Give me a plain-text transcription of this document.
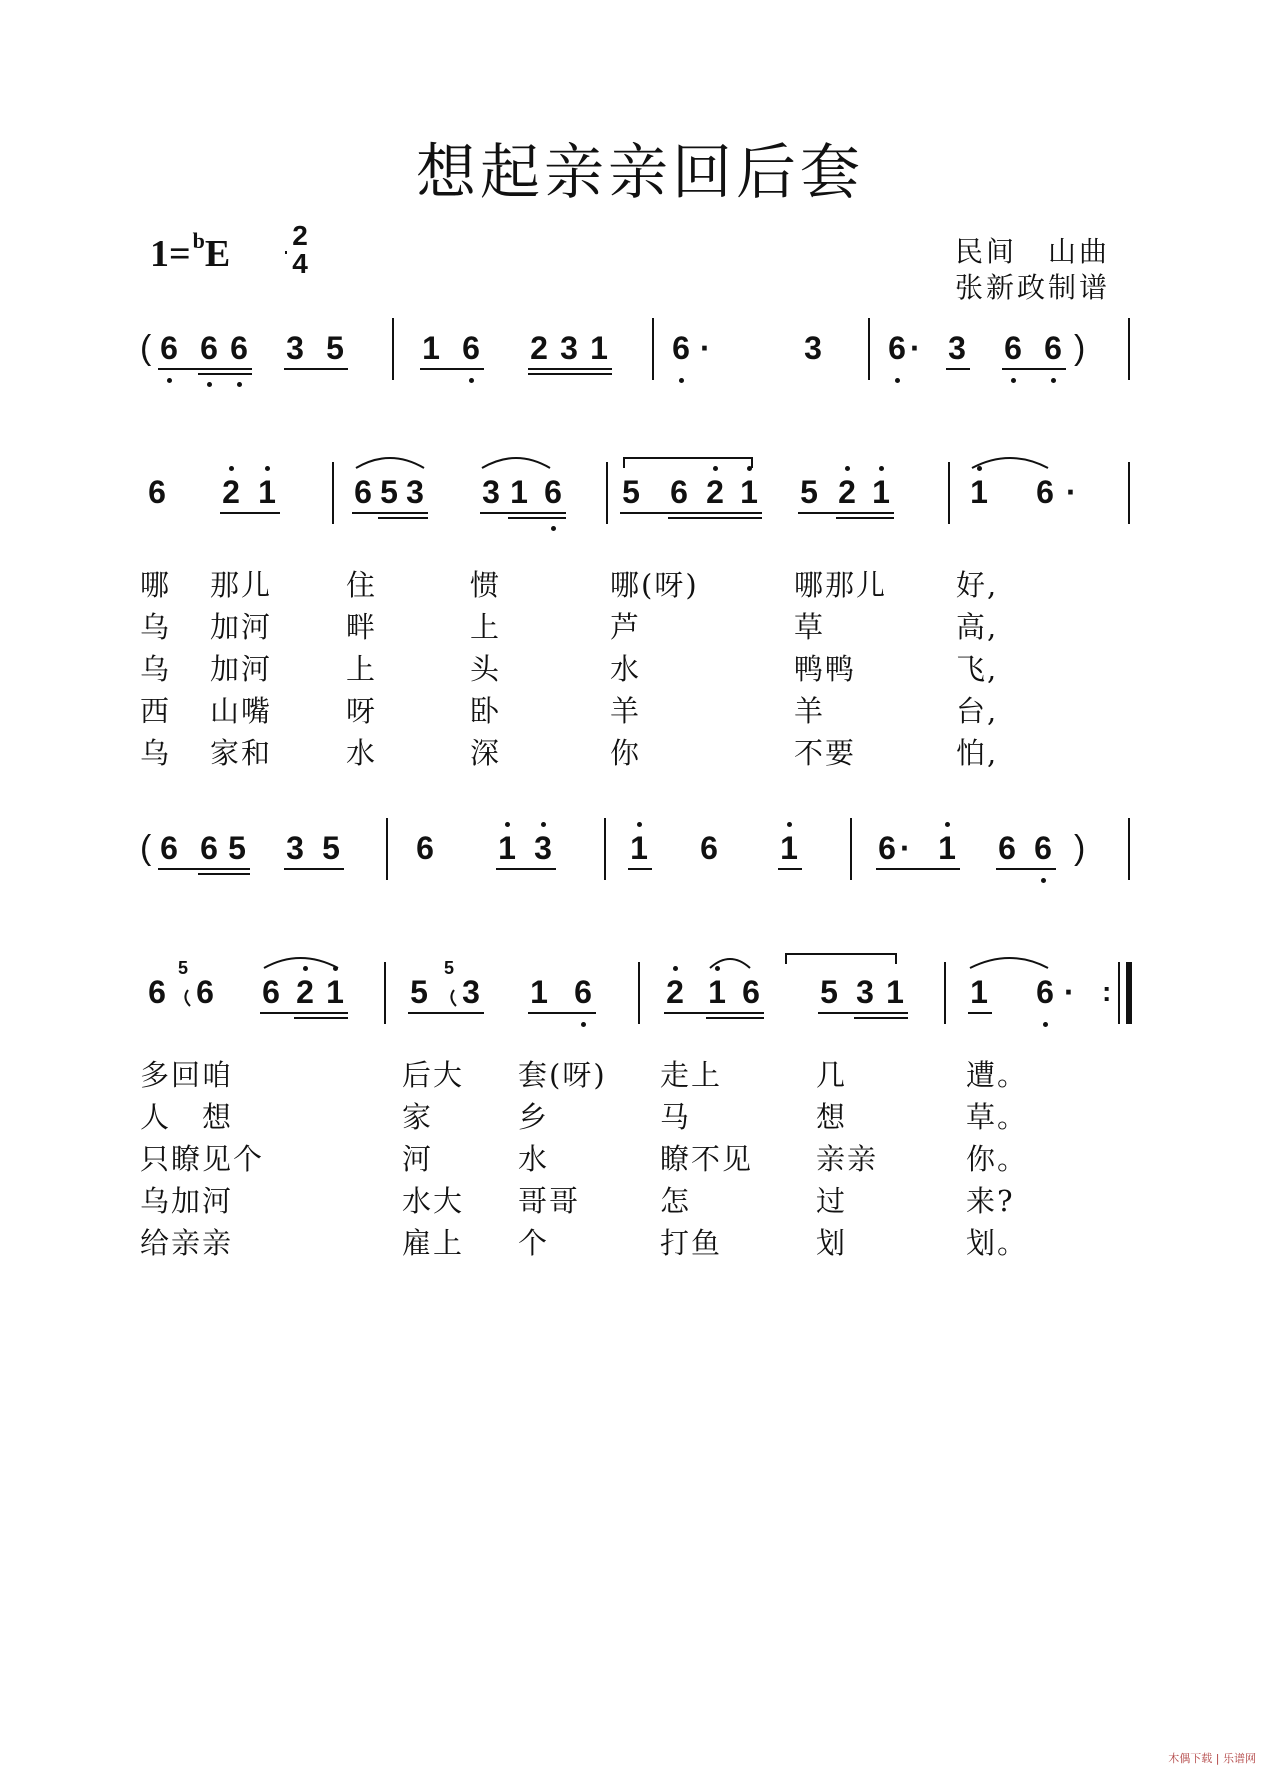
想起亲亲回后套
1=$^b$E 2
4	民间　山曲
张新政制谱
( 6 6 6 3 5 1 6 2 3 1 6 ·	3 6 · 3 6 6 )
6 2 1 6 5 3 3 1 6 5 6 2 1 5 2 1	1 6 ·
( 6 6 5 3 5 6 1 3 1 6 1	6 · 1 6 6 )
6
5
6 6 2 1 5
5
3 1 6 2 1 6 5 3 1 1 6 · :
哪 那儿	住	惯	哪(呀)	哪那儿 好,
乌 加河	畔	上	芦	草	高,
乌 加河	上	头	水	鸭鸭	飞,
西 山嘴	呀	卧	羊	羊	台,
乌 家和	水	深	你	不要	怕,
多回咱	后大 套(呀) 走上	几	遭。
人　想	家	乡	马	想	草。
只瞭见个	河	水	瞭不见 亲亲	你。
乌加河	水大 哥哥	怎	过	来?
给亲亲	雇上 个	打鱼	划	划。
木偶下载 | 乐谱网
